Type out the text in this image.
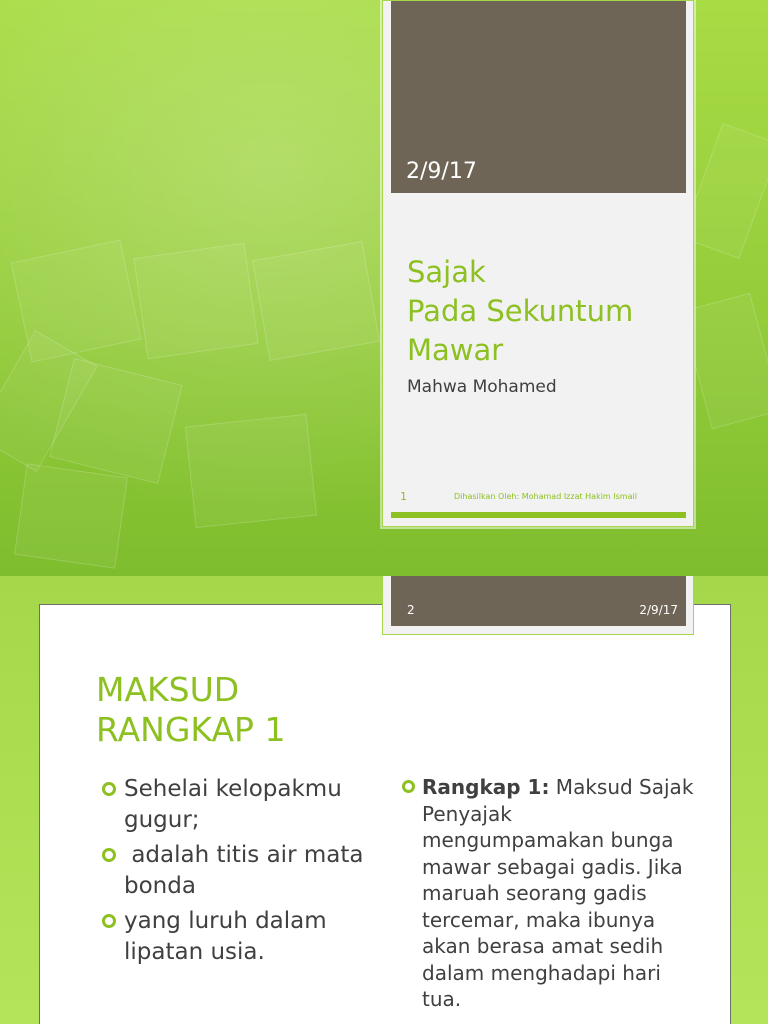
2/9/17
Sajak
Pada Sekuntum
Mawar
Mahwa Mohamed
1	Dihasilkan Oleh: Mohamad Izzat Hakim Ismail
2	2/9/17
MAKSUD
RANGKAP 1
Sehelai kelopakmu gugur;
adalah titis air mata bonda
yang luruh dalam lipatan usia.
Rangkap 1: Maksud Sajak  Penyajak mengumpamakan bunga mawar sebagai gadis. Jika  maruah seorang gadis tercemar, maka ibunya akan berasa amat sedih dalam menghadapi hari tua.
